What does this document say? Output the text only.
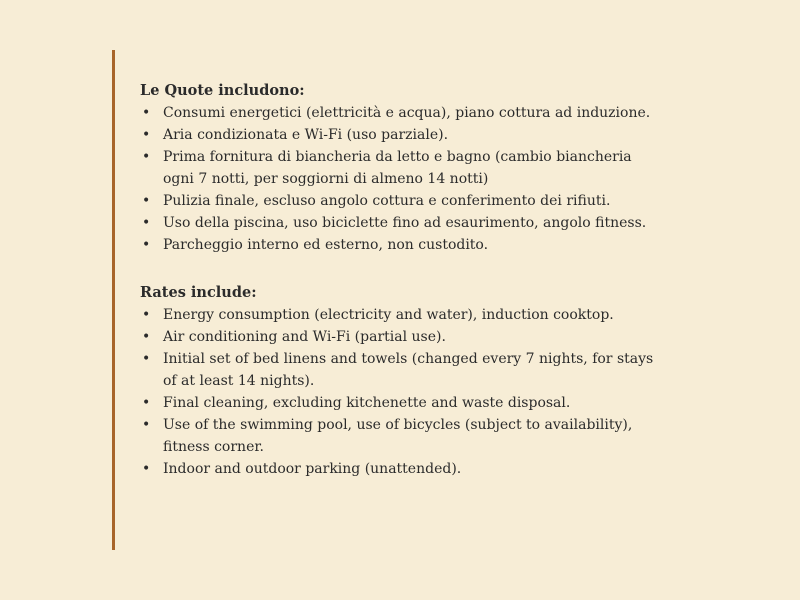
Le Quote includono:

• Consumi energetici (elettricità e acqua), piano cottura ad induzione.
• Aria condizionata e Wi-Fi (uso parziale).
• Prima fornitura di biancheria da letto e bagno (cambio biancheria ogni 7 notti, per soggiorni di almeno 14 notti)
• Pulizia finale, escluso angolo cottura e conferimento dei rifiuti.
• Uso della piscina, uso biciclette fino ad esaurimento, angolo fitness.
• Parcheggio interno ed esterno, non custodito.

Rates include:

• Energy consumption (electricity and water), induction cooktop.
• Air conditioning and Wi-Fi (partial use).
• Initial set of bed linens and towels (changed every 7 nights, for stays of at least 14 nights).
• Final cleaning, excluding kitchenette and waste disposal.
• Use of the swimming pool, use of bicycles (subject to availability), fitness corner.
• Indoor and outdoor parking (unattended).
